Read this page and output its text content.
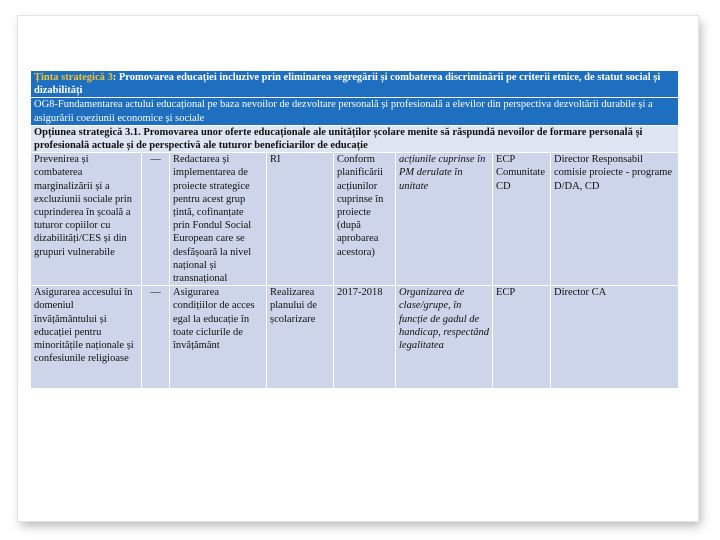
Ținta strategică 3: Promovarea educației incluzive prin eliminarea segregării și combaterea discriminării pe criterii etnice, de statut social și dizabilități							
OG8-Fundamentarea actului educațional pe baza nevoilor de dezvoltare personală și profesională a elevilor din perspectiva dezvoltării durabile și a asigurării coeziunii economice și sociale							
Opțiunea strategică 3.1. Promovarea unor oferte educaționale ale unităților școlare menite să răspundă nevoilor de formare personală și profesională actuale și de perspectivă ale tuturor beneficiarilor de educație							
Prevenirea și combaterea marginalizării și a excluziunii sociale prin cuprinderea în școală a tuturor copiilor cu dizabilități/CES și din grupuri vulnerabile	—	Redactarea și implementarea de proiecte strategice pentru acest grup țintă, cofinanțate prin Fondul Social European care se desfășoară la nivel național și transnațional	RI	Conform planificării acțiunilor cuprinse în proiecte (după aprobarea acestora)	acțiunile cuprinse în PM derulate în unitate	ECP Comunitate CD	Director Responsabil comisie proiecte - programe D/DA, CD
Asigurarea accesului în domeniul învățământului și educației pentru minoritățile naționale și confesiunile religioase	—	Asigurarea condițiilor de acces egal la educație în toate ciclurile de învățământ	Realizarea planului de școlarizare	2017-2018	Organizarea de clase/grupe, în funcție de gadul de handicap, respectând legalitatea	ECP	Director CA
